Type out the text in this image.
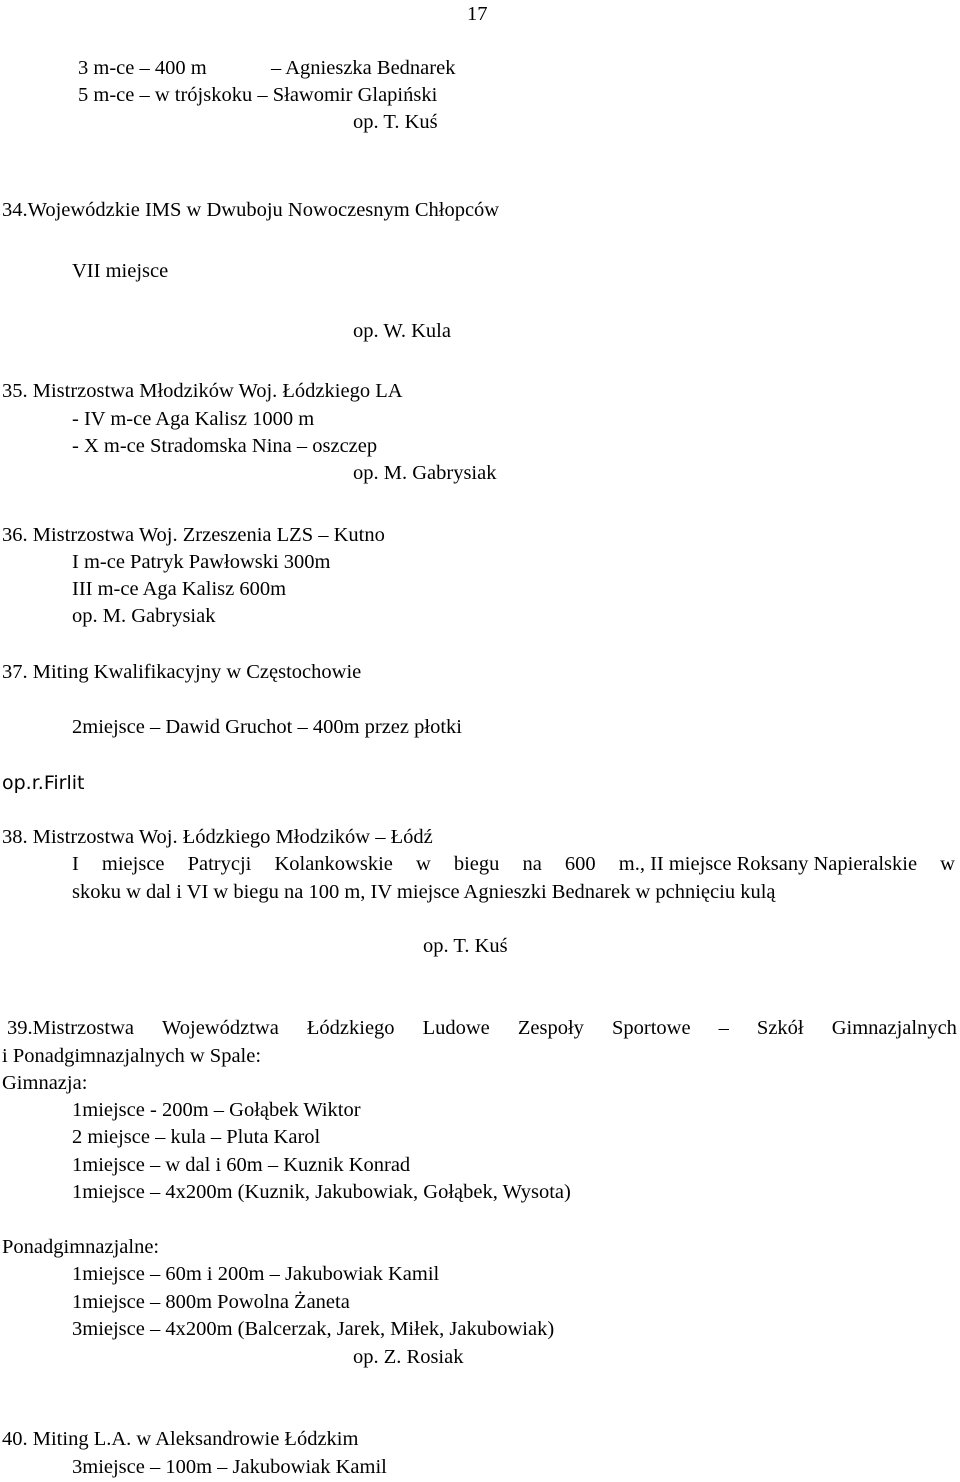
17
3 m-ce – 400 m	– Agnieszka Bednarek
5 m-ce – w trójskoku – Sławomir Glapiński
op. T. Kuś
34.Wojewódzkie IMS w Dwuboju Nowoczesnym Chłopców
VII miejsce
op. W. Kula
35. Mistrzostwa Młodzików Woj. Łódzkiego LA
- IV m-ce Aga Kalisz 1000 m
- X m-ce Stradomska Nina – oszczep
op. M. Gabrysiak
36. Mistrzostwa Woj. Zrzeszenia LZS – Kutno
I m-ce Patryk Pawłowski 300m
III m-ce Aga Kalisz 600m
op. M. Gabrysiak
37. Miting Kwalifikacyjny w Częstochowie
2miejsce – Dawid Gruchot – 400m przez płotki
op.r.Firlit
38. Mistrzostwa Woj. Łódzkiego Młodzików – Łódź
I miejsce Patrycji Kolankowskie w biegu na 600 m. , II miejsce Roksany Napieralskie w
skoku w dal i VI w biegu na 100 m, IV miejsce Agnieszki Bednarek w pchnięciu kulą
op. T. Kuś
39.Mistrzostwa Województwa Łódzkiego Ludowe Zespoły Sportowe – Szkół Gimnazjalnych
i Ponadgimnazjalnych w Spale:
Gimnazja:
1miejsce - 200m – Gołąbek Wiktor
2 miejsce – kula – Pluta Karol
1miejsce – w dal i 60m – Kuznik Konrad
1miejsce – 4x200m (Kuznik, Jakubowiak, Gołąbek, Wysota)
Ponadgimnazjalne:
1miejsce – 60m i 200m – Jakubowiak Kamil
1miejsce – 800m Powolna Żaneta
3miejsce – 4x200m (Balcerzak, Jarek, Miłek, Jakubowiak)
op. Z. Rosiak
40. Miting L.A. w Aleksandrowie Łódzkim
3miejsce – 100m – Jakubowiak Kamil
